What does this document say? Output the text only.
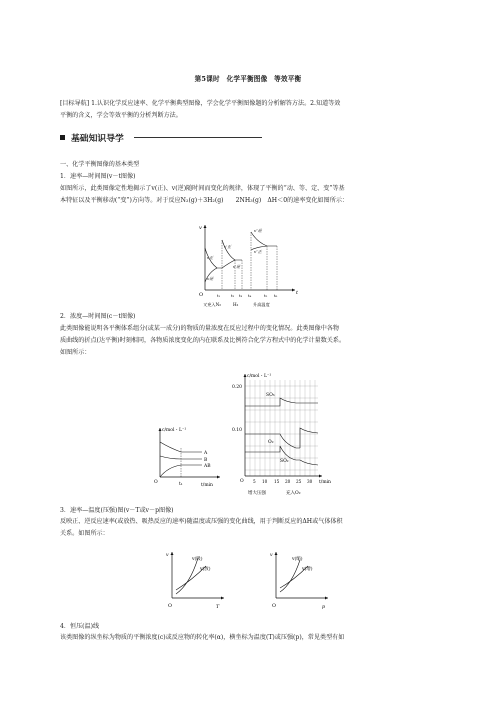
第5课时　化学平衡图像　等效平衡
[目标导航] 1.认识化学反应速率、化学平衡典型图像，学会化学平衡图像题的分析解答方法。2.知道等效
平衡的含义，学会等效平衡的分析判断方法。
基础知识导学
一、化学平衡图像的基本类型
1．速率—时间图(v－t图像)
如图所示，此类图像定性地揭示了v(正)、v(逆)随时间而变化的规律，体现了平衡的“动、等、定、变”等基
本特征以及平衡移动(“变”)方向等。对于反应N₂(g)＋3H₂(g)　　2NH₃(g)　ΔH＜0的速率变化如图所示：
v
t
O
v正
v逆
v′正
v′逆
v″逆
v″正
t₁	t₂ t₃ t₄	t₅ t₆
又充入N₂	H₂	升高温度
2．浓度—时间图(c－t图像)
此类图像能说明各平衡体系组分(或某一成分)的物质的量浓度在反应过程中的变化情况。此类图像中各物
质曲线的折点(达平衡)时刻相同，各物质浓度变化的内在联系及比例符合化学方程式中的化学计量数关系。
如图所示：
c/mol・L⁻¹
t/min
O	t₁
A
B
AB
c/mol・L⁻¹
t/min
O
0.20
0.10
5 10 15 20 25 30
SO₃
O₂
SO₂
增大压强	充入O₂
3．速率—温度(压强)图(v－T或v－p图像)
反映正、逆反应速率(或放热、吸热反应的速率)随温度或压强的变化曲线，用于判断反应的ΔH或气体体积
关系。如图所示：
v
T
O
v(吸)
v(放)
v
p
O
v(缩)
v(增)
4．恒压(温)线
该类图像的纵坐标为物质的平衡浓度(c)或反应物的转化率(α)，横坐标为温度(T)或压强(p)，常见类型有如
